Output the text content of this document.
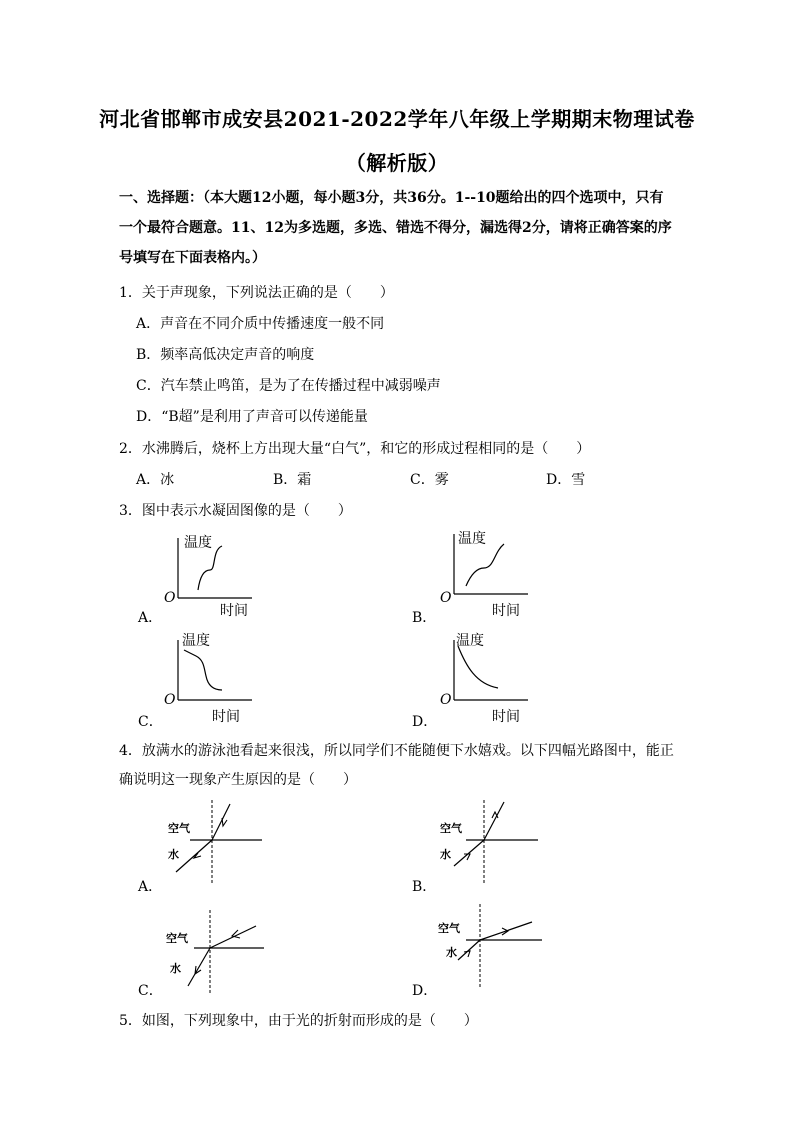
河北省邯郸市成安县2021-2022学年八年级上学期期末物理试卷
（解析版）
一、选择题：（本大题12小题，每小题3分，共36分。1--10题给出的四个选项中，只有
一个最符合题意。11、12为多选题，多选、错选不得分，漏选得2分，请将正确答案的序
号填写在下面表格内。）
1．关于声现象，下列说法正确的是（　　）
A．声音在不同介质中传播速度一般不同
B．频率高低决定声音的响度
C．汽车禁止鸣笛，是为了在传播过程中减弱噪声
D．“B超”是利用了声音可以传递能量
2．水沸腾后，烧杯上方出现大量“白气”，和它的形成过程相同的是（　　）
A．冰	B．霜	C．雾	D．雪
3．图中表示水凝固图像的是（　　）
温度
O
时间
A．
温度
O
时间
B．
温度
O
时间
C．
温度
O
时间
D．
4．放满水的游泳池看起来很浅，所以同学们不能随便下水嬉戏。以下四幅光路图中，能正
确说明这一现象产生原因的是（　　）
空气
水
A．
空气
水
B．
空气
水
C．
空气
水
D．
5．如图，下列现象中，由于光的折射而形成的是（　　）
